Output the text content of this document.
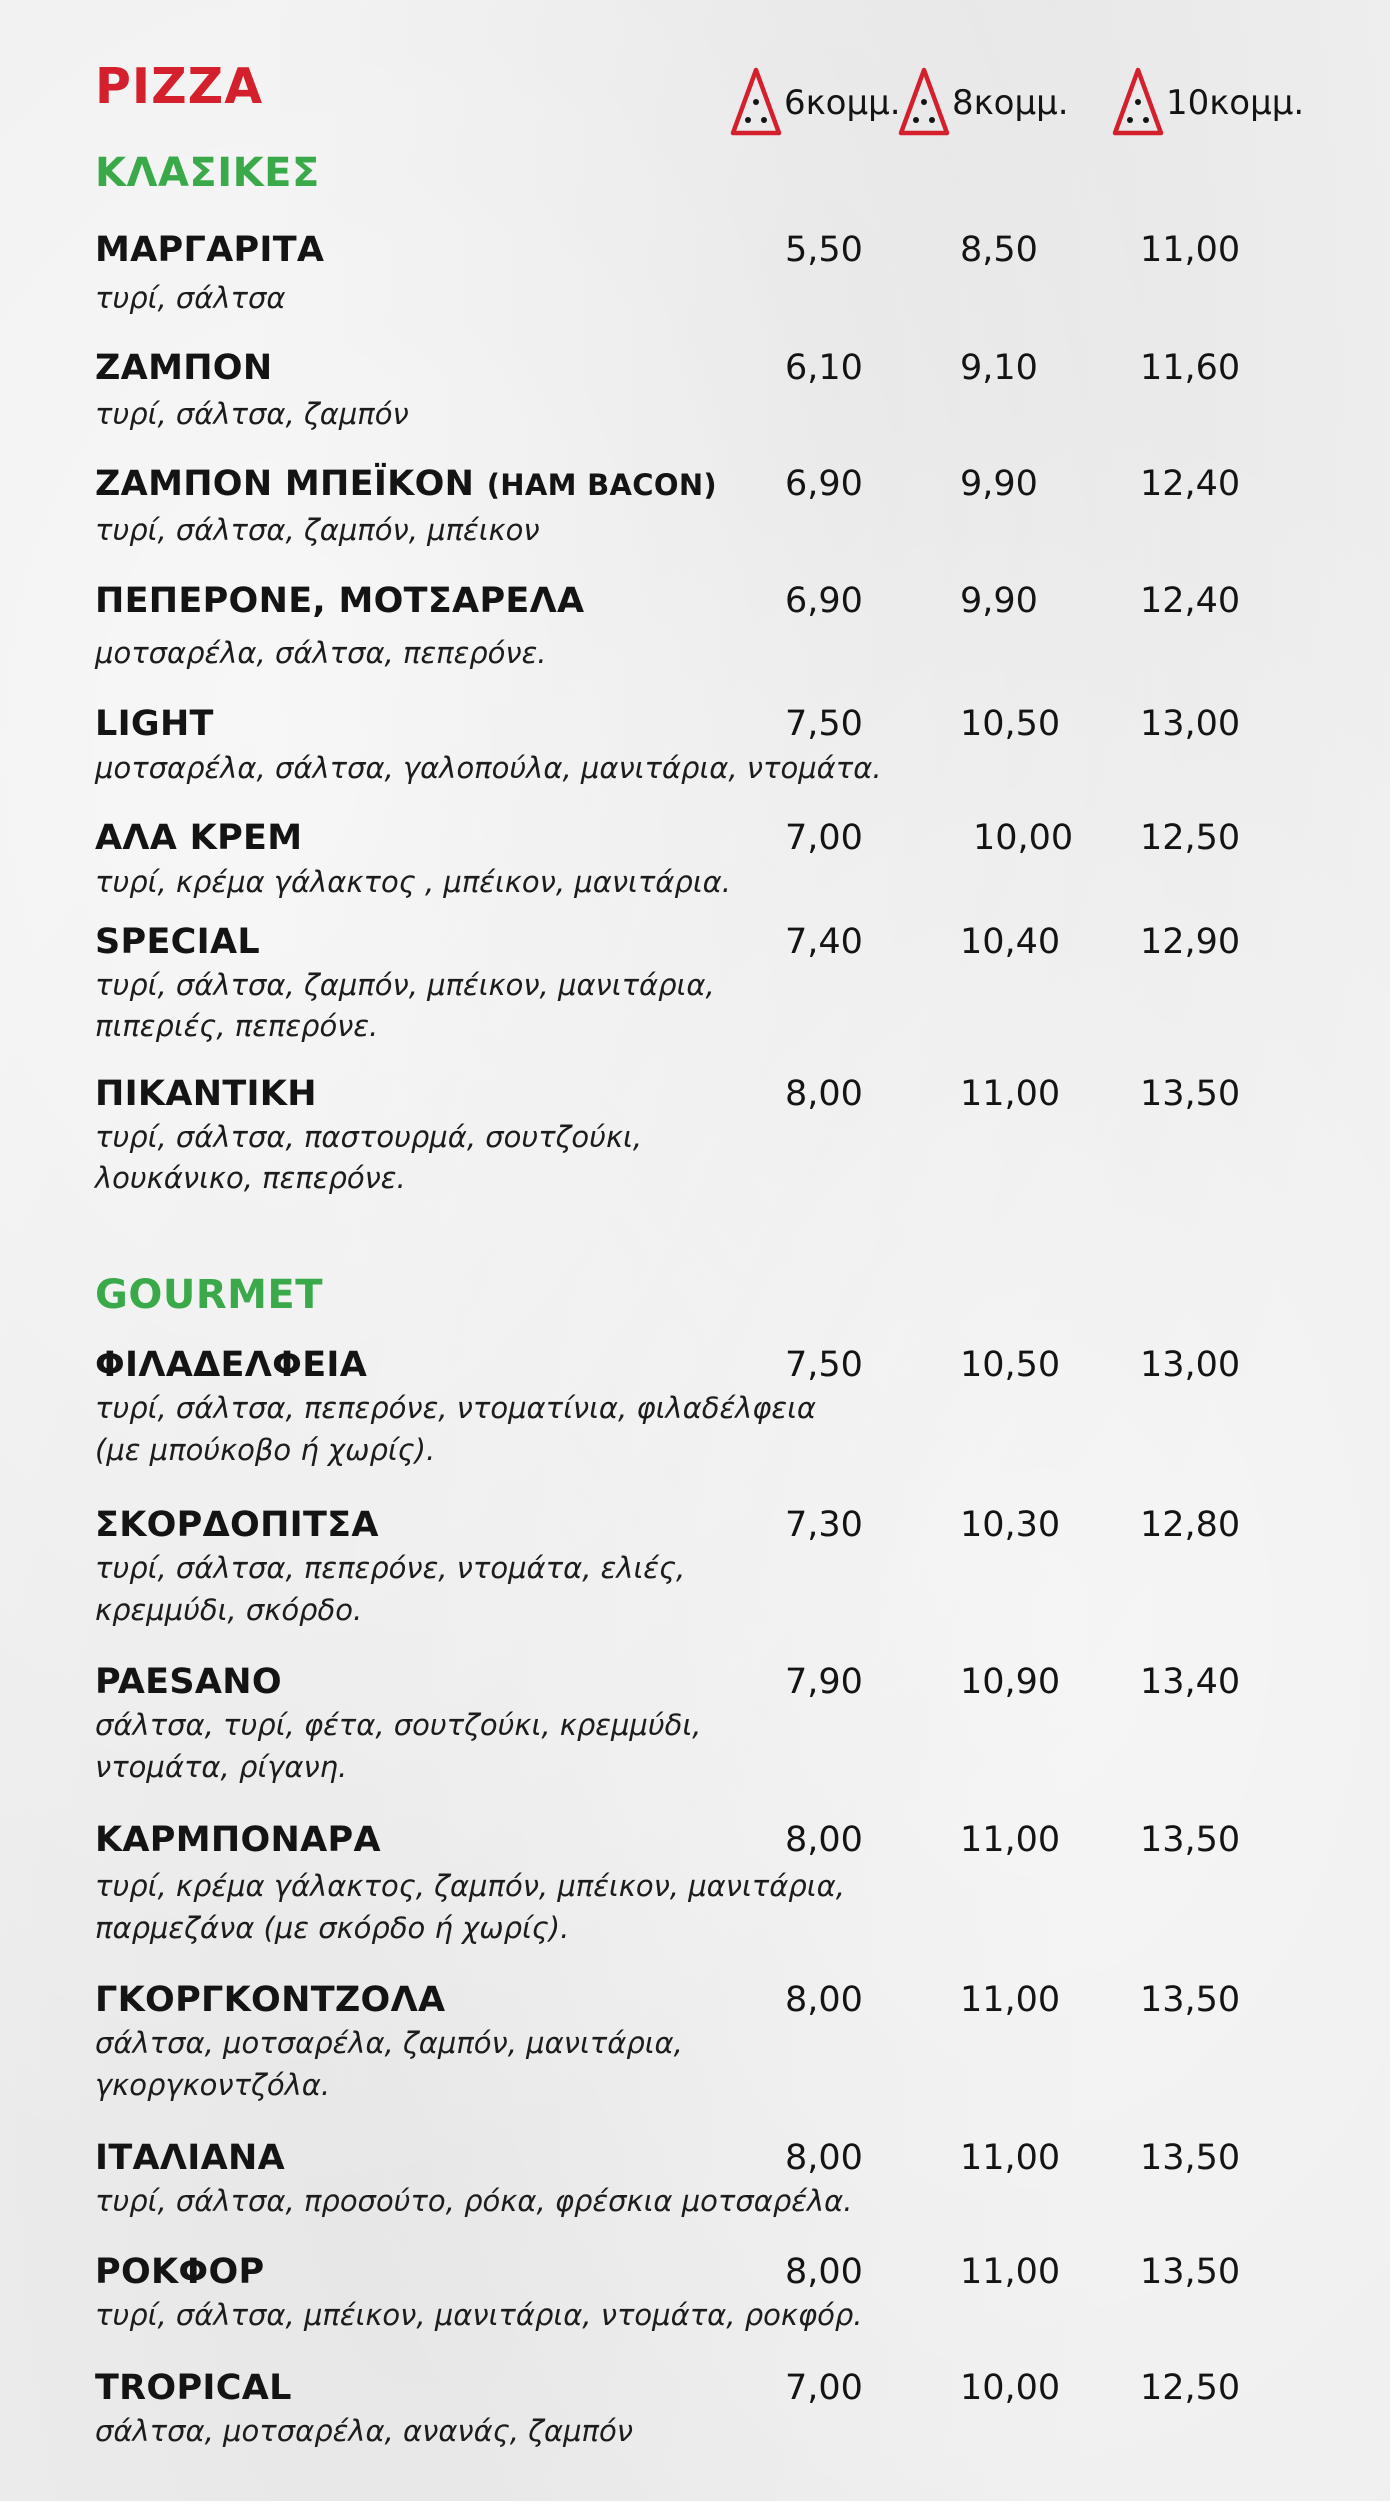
PIZZA	6κομμ. 8κομμ.	10κομμ.
ΚΛΑΣΙΚΕΣ
ΜΑΡΓΑΡΙΤΑ	5,50	8,50	11,00
τυρί, σάλτσα
ΖΑΜΠΟΝ	6,10	9,10	11,60
τυρί, σάλτσα, ζαμπόν
ΖΑΜΠΟΝ ΜΠΕΪΚΟΝ (HAM BACON) 6,90	9,90	12,40
τυρί, σάλτσα, ζαμπόν, μπέικον
ΠΕΠΕΡΟΝΕ, ΜΟΤΣΑΡΕΛΑ	6,90	9,90	12,40
μοτσαρέλα, σάλτσα, πεπερόνε.
LIGHT	7,50	10,50 13,00
μοτσαρέλα, σάλτσα, γαλοπούλα, μανιτάρια, ντομάτα.
ΑΛΑ ΚΡΕΜ	7,00	10,00 12,50
τυρί, κρέμα γάλακτος , μπέικον, μανιτάρια.
SPECIAL	7,40	10,40 12,90
τυρί, σάλτσα, ζαμπόν, μπέικον, μανιτάρια,
πιπεριές, πεπερόνε.
ΠΙΚΑΝΤΙΚΗ	8,00	11,00 13,50
τυρί, σάλτσα, παστουρμά, σουτζούκι,
λουκάνικο, πεπερόνε.
GOURMET
ΦΙΛΑΔΕΛΦΕΙΑ	7,50	10,50 13,00
τυρί, σάλτσα, πεπερόνε, ντοματίνια, φιλαδέλφεια
(με μπούκοβο ή χωρίς).
ΣΚΟΡΔΟΠΙΤΣΑ	7,30	10,30 12,80
τυρί, σάλτσα, πεπερόνε, ντομάτα, ελιές,
κρεμμύδι, σκόρδο.
PAESANO	7,90	10,90 13,40
σάλτσα, τυρί, φέτα, σουτζούκι, κρεμμύδι,
ντομάτα, ρίγανη.
ΚΑΡΜΠΟΝΑΡΑ	8,00	11,00 13,50
τυρί, κρέμα γάλακτος, ζαμπόν, μπέικον, μανιτάρια,
παρμεζάνα (με σκόρδο ή χωρίς).
ΓΚΟΡΓΚΟΝΤΖΟΛΑ	8,00	11,00 13,50
σάλτσα, μοτσαρέλα, ζαμπόν, μανιτάρια,
γκοργκοντζόλα.
ΙΤΑΛΙΑΝΑ	8,00	11,00 13,50
τυρί, σάλτσα, προσούτο, ρόκα, φρέσκια μοτσαρέλα.
ΡΟΚΦΟΡ	8,00	11,00 13,50
τυρί, σάλτσα, μπέικον, μανιτάρια, ντομάτα, ροκφόρ.
TROPICAL	7,00	10,00 12,50
σάλτσα, μοτσαρέλα, ανανάς, ζαμπόν
